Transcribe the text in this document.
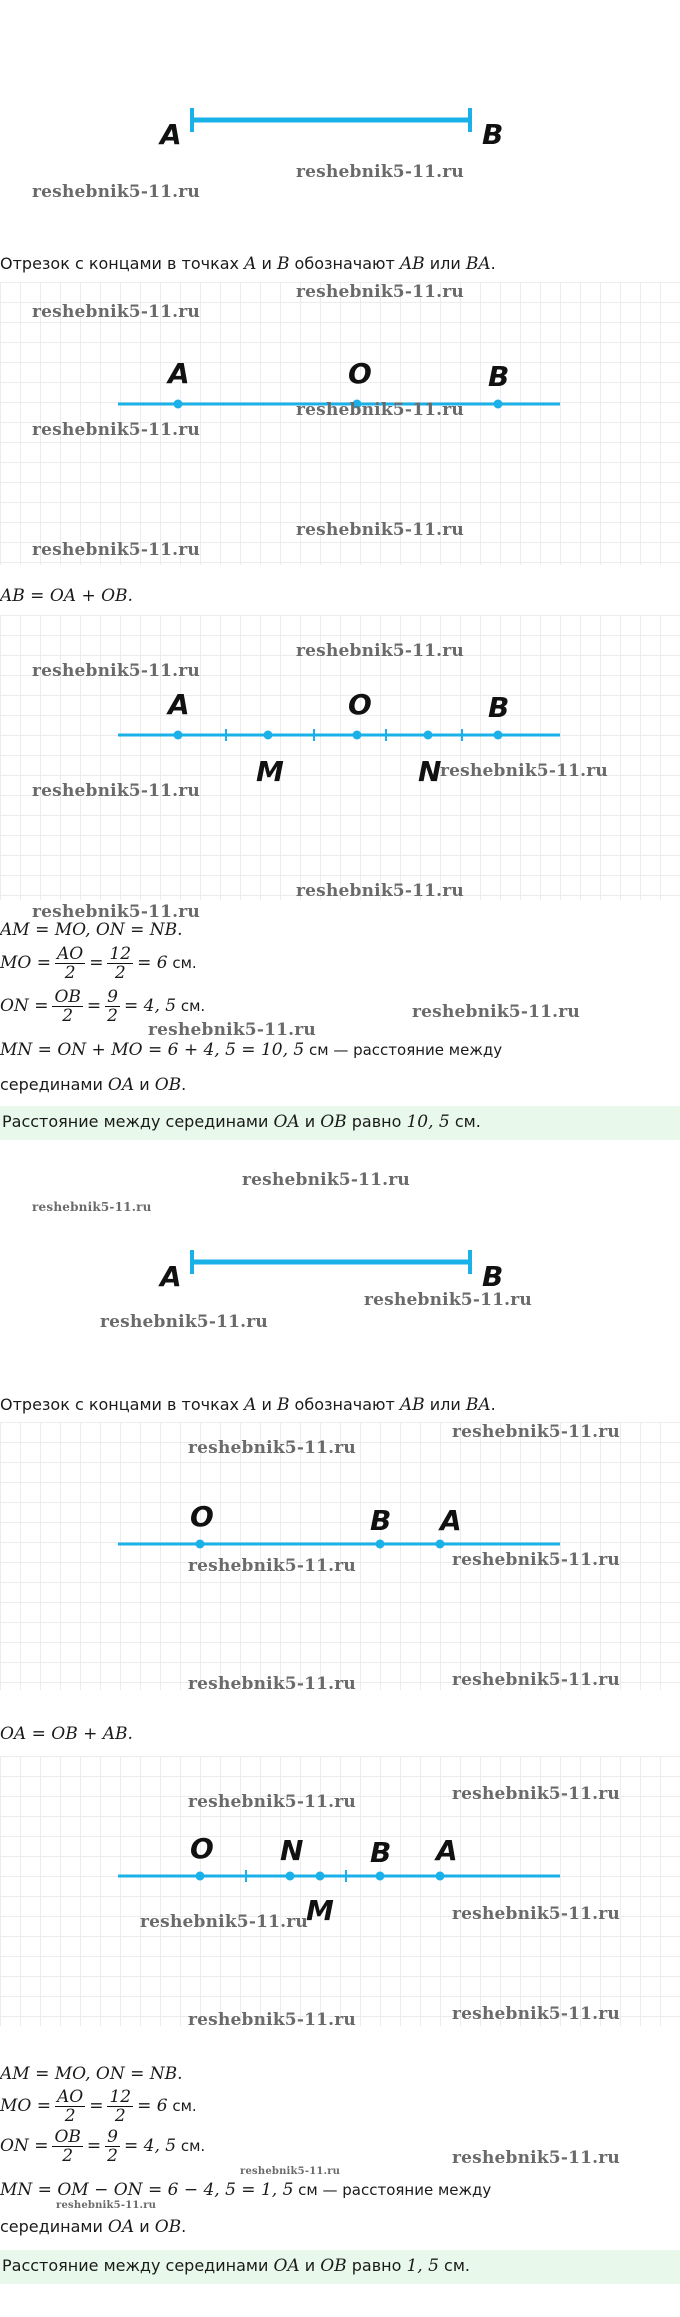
A	B
reshebnik5-11.ru
reshebnik5-11.ru
Отрезок с концами в точках A и B обозначают AB или BA.
A	O	B
reshebnik5-11.ru
reshebnik5-11.ru
reshebnik5-11.ru
reshebnik5-11.ru
reshebnik5-11.ru
reshebnik5-11.ru
AB = OA + OB.
A	O	B
M	N
reshebnik5-11.ru
reshebnik5-11.ru
reshebnik5-11.ru
reshebnik5-11.ru
reshebnik5-11.ru
reshebnik5-11.ru
AM = MO, ON = NB.
MO = $\frac{AO}{2} = \frac{12}{2} = 6$ см.
ON = $\frac{OB}{2} = \frac{9}{2} = 4$, 5 см.
reshebnik5-11.ru
reshebnik5-11.ru
MN = ON + MO = 6 + 4, 5 = 10, 5 см — расстояние между
серединами OA и OB.
Расстояние между серединами OA и OB равно 10, 5 см.
reshebnik5-11.ru
reshebnik5-11.ru
A	B
reshebnik5-11.ru
reshebnik5-11.ru
Отрезок с концами в точках A и B обозначают AB или BA.
O	B A
reshebnik5-11.ru
reshebnik5-11.ru
reshebnik5-11.ru
reshebnik5-11.ru
reshebnik5-11.ru
reshebnik5-11.ru
OA = OB + AB.
O N B A
M
reshebnik5-11.ru
reshebnik5-11.ru
reshebnik5-11.ru
reshebnik5-11.ru
reshebnik5-11.ru
reshebnik5-11.ru
AM = MO, ON = NB.
MO = $\frac{AO}{2} = \frac{12}{2} = 6$ см.
ON = $\frac{OB}{2} = \frac{9}{2} = 4$, 5 см.
reshebnik5-11.ru
reshebnik5-11.ru
MN = OM − ON = 6 − 4, 5 = 1, 5 см — расстояние между
reshebnik5-11.ru
серединами OA и OB.
Расстояние между серединами OA и OB равно 1, 5 см.
